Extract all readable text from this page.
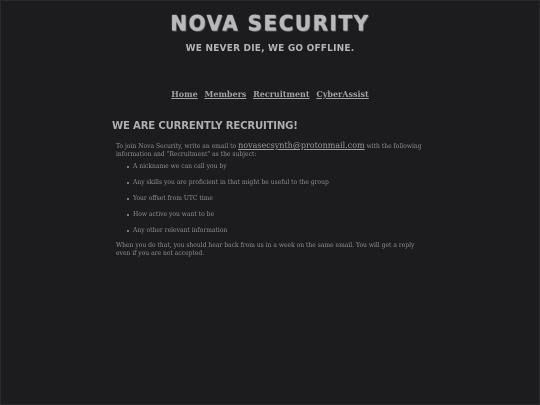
NOVA SECURITY
WE NEVER DIE, WE GO OFFLINE.
Home Members Recruitment CyberAssist
WE ARE CURRENTLY RECRUITING!

To join Nova Security, write an email to novasecsynth@protonmail.com with the following information and "Recruitment" as the subject:

A nickname we can call you by
Any skills you are proficient in that might be useful to the group
Your offset from UTC time
How active you want to be
Any other relevant information

When you do that, you should hear back from us in a week on the same email. You will get a reply even if you are not accepted.
